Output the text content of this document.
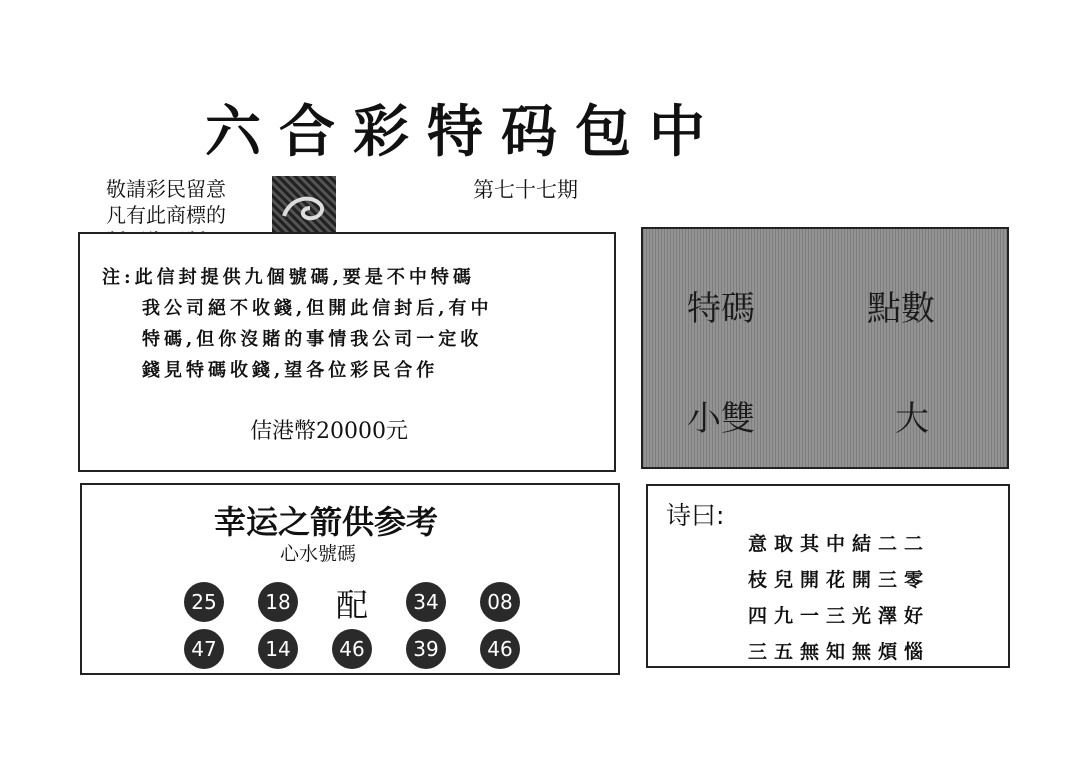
六合彩特码包中
第七十七期
敬請彩民留意
凡有此商標的
注:此信封提供九個號碼,要是不中特碼
我公司絕不收錢,但開此信封后,有中
特碼,但你沒賭的事情我公司一定收
錢見特碼收錢,望各位彩民合作
佶港幣20000元
特碼	點數
小雙	大
幸运之箭供参考
心水號碼
25	18 配	34	08
47	14	46	39	46
诗曰:
意取其中結二二
枝兒開花開三零
四九一三光澤好
三五無知無煩惱
